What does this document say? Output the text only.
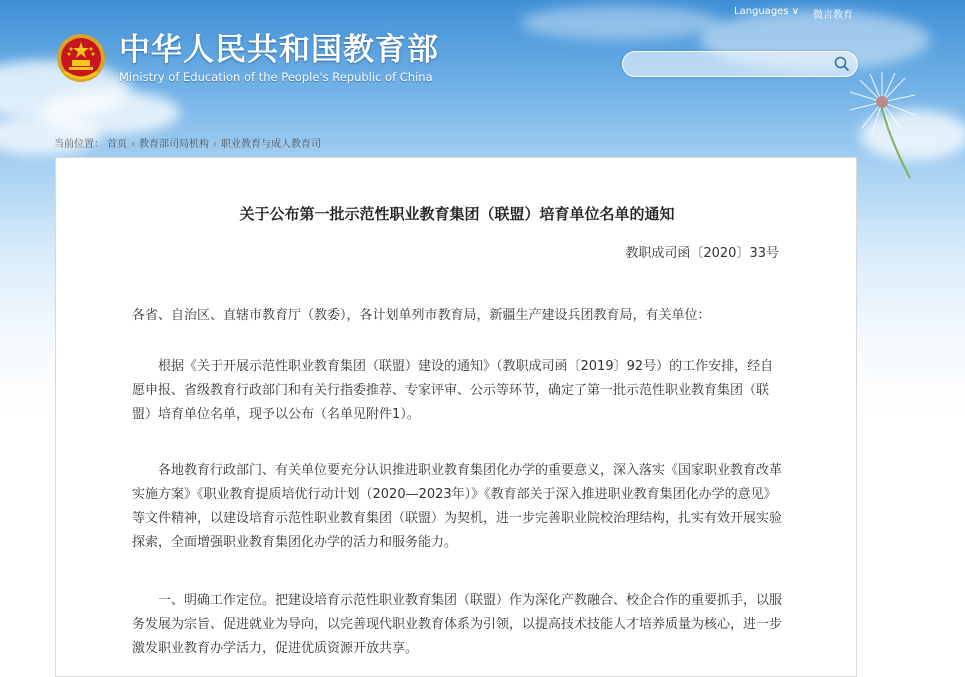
Languages ∨ 微言教育
中华人民共和国教育部
Ministry of Education of the People's Republic of China
当前位置： 首页 › 教育部司局机构 › 职业教育与成人教育司
关于公布第一批示范性职业教育集团（联盟）培育单位名单的通知
教职成司函〔2020〕33号
各省、自治区、直辖市教育厅（教委），各计划单列市教育局，新疆生产建设兵团教育局，有关单位：
根据《关于开展示范性职业教育集团（联盟）建设的通知》（教职成司函〔2019〕92号）的工作安排，经自愿申报、省级教育行政部门和有关行指委推荐、专家评审、公示等环节，确定了第一批示范性职业教育集团（联盟）培育单位名单，现予以公布（名单见附件1）。
各地教育行政部门、有关单位要充分认识推进职业教育集团化办学的重要意义，深入落实《国家职业教育改革实施方案》《职业教育提质培优行动计划（2020—2023年）》《教育部关于深入推进职业教育集团化办学的意见》等文件精神，以建设培育示范性职业教育集团（联盟）为契机，进一步完善职业院校治理结构，扎实有效开展实验探索，全面增强职业教育集团化办学的活力和服务能力。
一、明确工作定位。把建设培育示范性职业教育集团（联盟）作为深化产教融合、校企合作的重要抓手，以服务发展为宗旨、促进就业为导向，以完善现代职业教育体系为引领，以提高技术技能人才培养质量为核心，进一步激发职业教育办学活力，促进优质资源开放共享。
